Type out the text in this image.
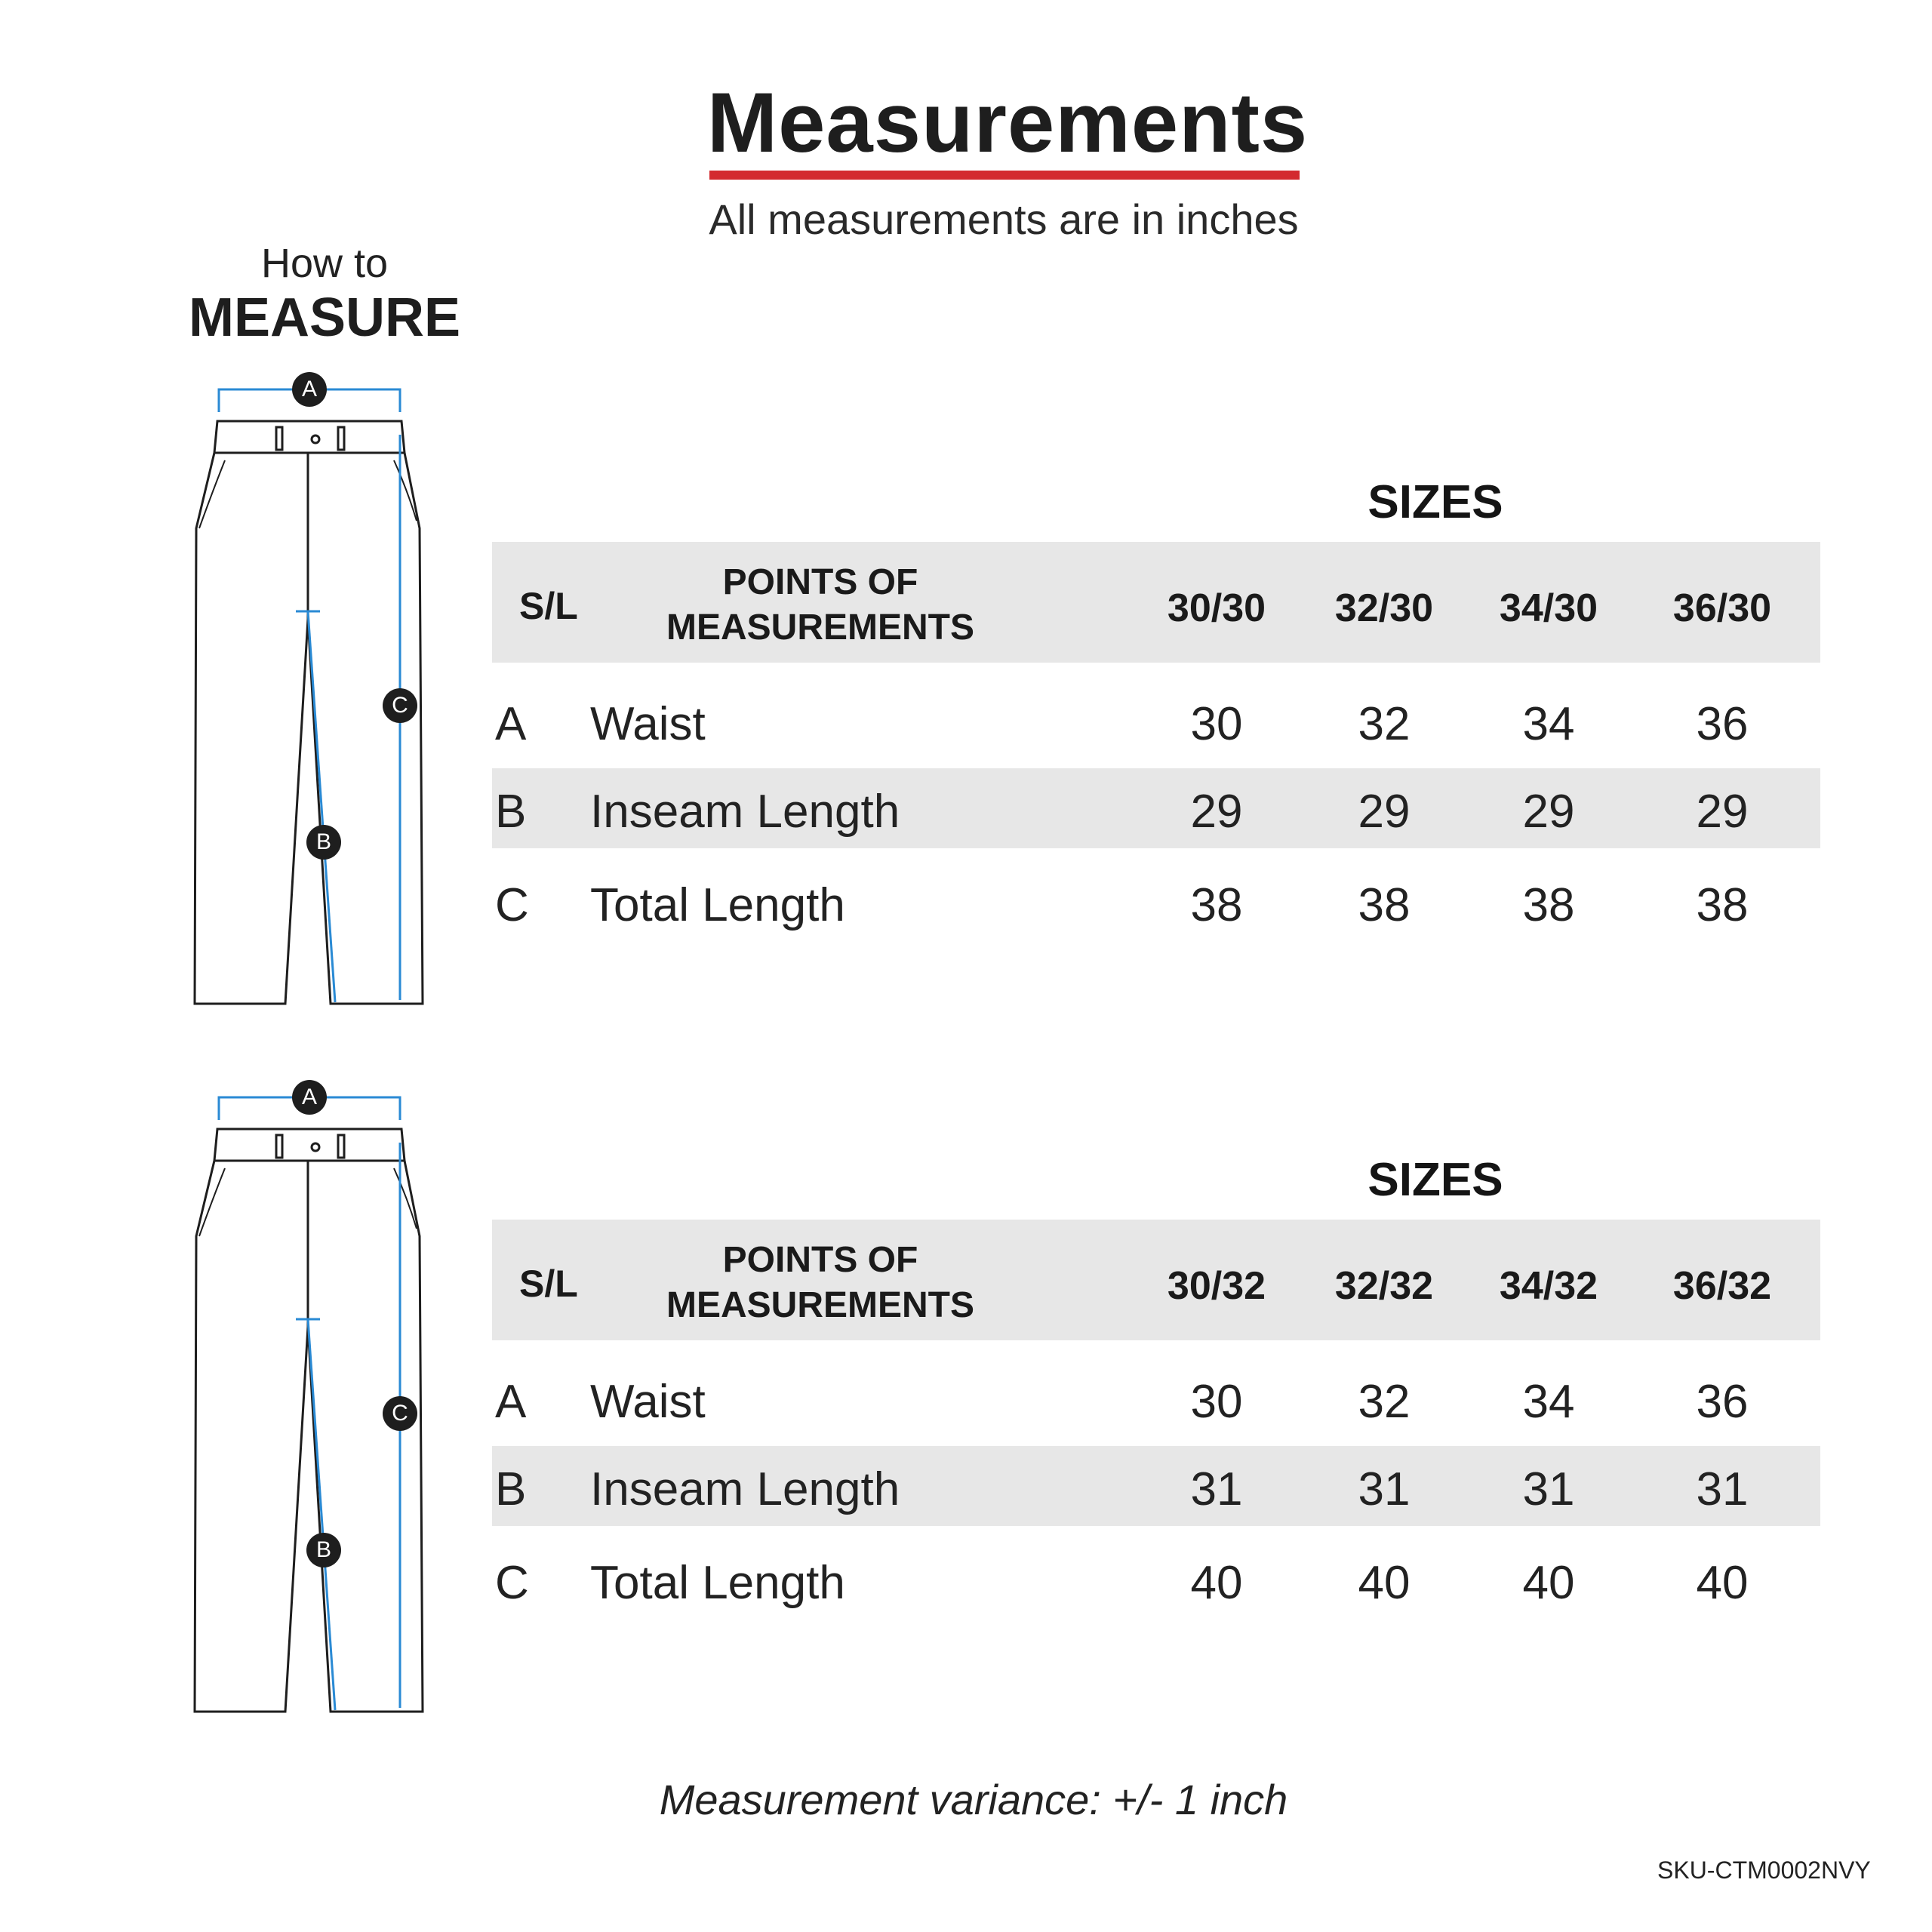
Measurements
All measurements are in inches
How to
MEASURE
A
C
B
A
C
B
SIZES
S/L
POINTS OF
MEASUREMENTS	30/30	32/30	34/30	36/30
A Waist	30	32	34	36
B Inseam Length	29	29	29	29
C Total Length	38	38	38	38
SIZES
S/L
POINTS OF
MEASUREMENTS	30/32	32/32	34/32	36/32
A Waist	30	32	34	36
B Inseam Length	31	31	31	31
C Total Length	40	40	40	40
Measurement variance: +/- 1 inch
SKU-CTM0002NVY
